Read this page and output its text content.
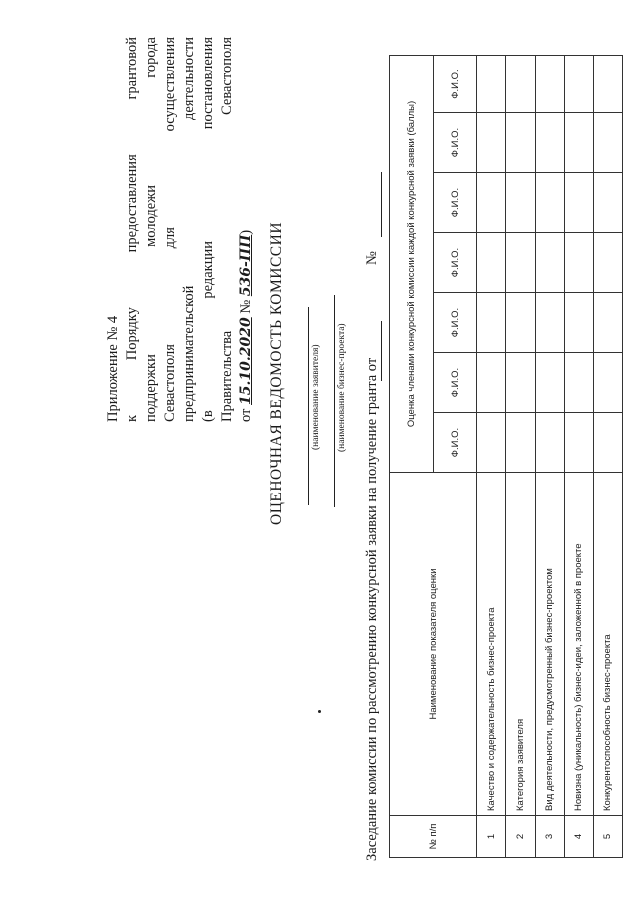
Приложение № 4 к Порядку предоставления грантовой поддержки молодежи города Севастополя для осуществления предпринимательской деятельности (в редакции постановления Правительства Севастополя от 15.10.2020 № 536-ПП) ОЦЕНОЧНАЯ ВЕДОМОСТЬ КОМИССИИ	(наименование заявителя) (наименование бизнес-проекта) Заседание комиссии по рассмотрению конкурсной заявки на получение гранта от
№
№ п/п	Наименование показателя оценки	Оценка членами конкурсной комиссии каждой конкурсной заявки (баллы)						
		Ф.И.О.	Ф.И.О.	Ф.И.О.	Ф.И.О.	Ф.И.О.	Ф.И.О.	Ф.И.О.
1	Качество и содержательность бизнес-проекта							
2	Категория заявителя							
3	Вид деятельности, предусмотренный бизнес-проектом							
4	Новизна (уникальность) бизнес-идеи, заложенной в проекте							
5	Конкурентоспособность бизнес-проекта							
